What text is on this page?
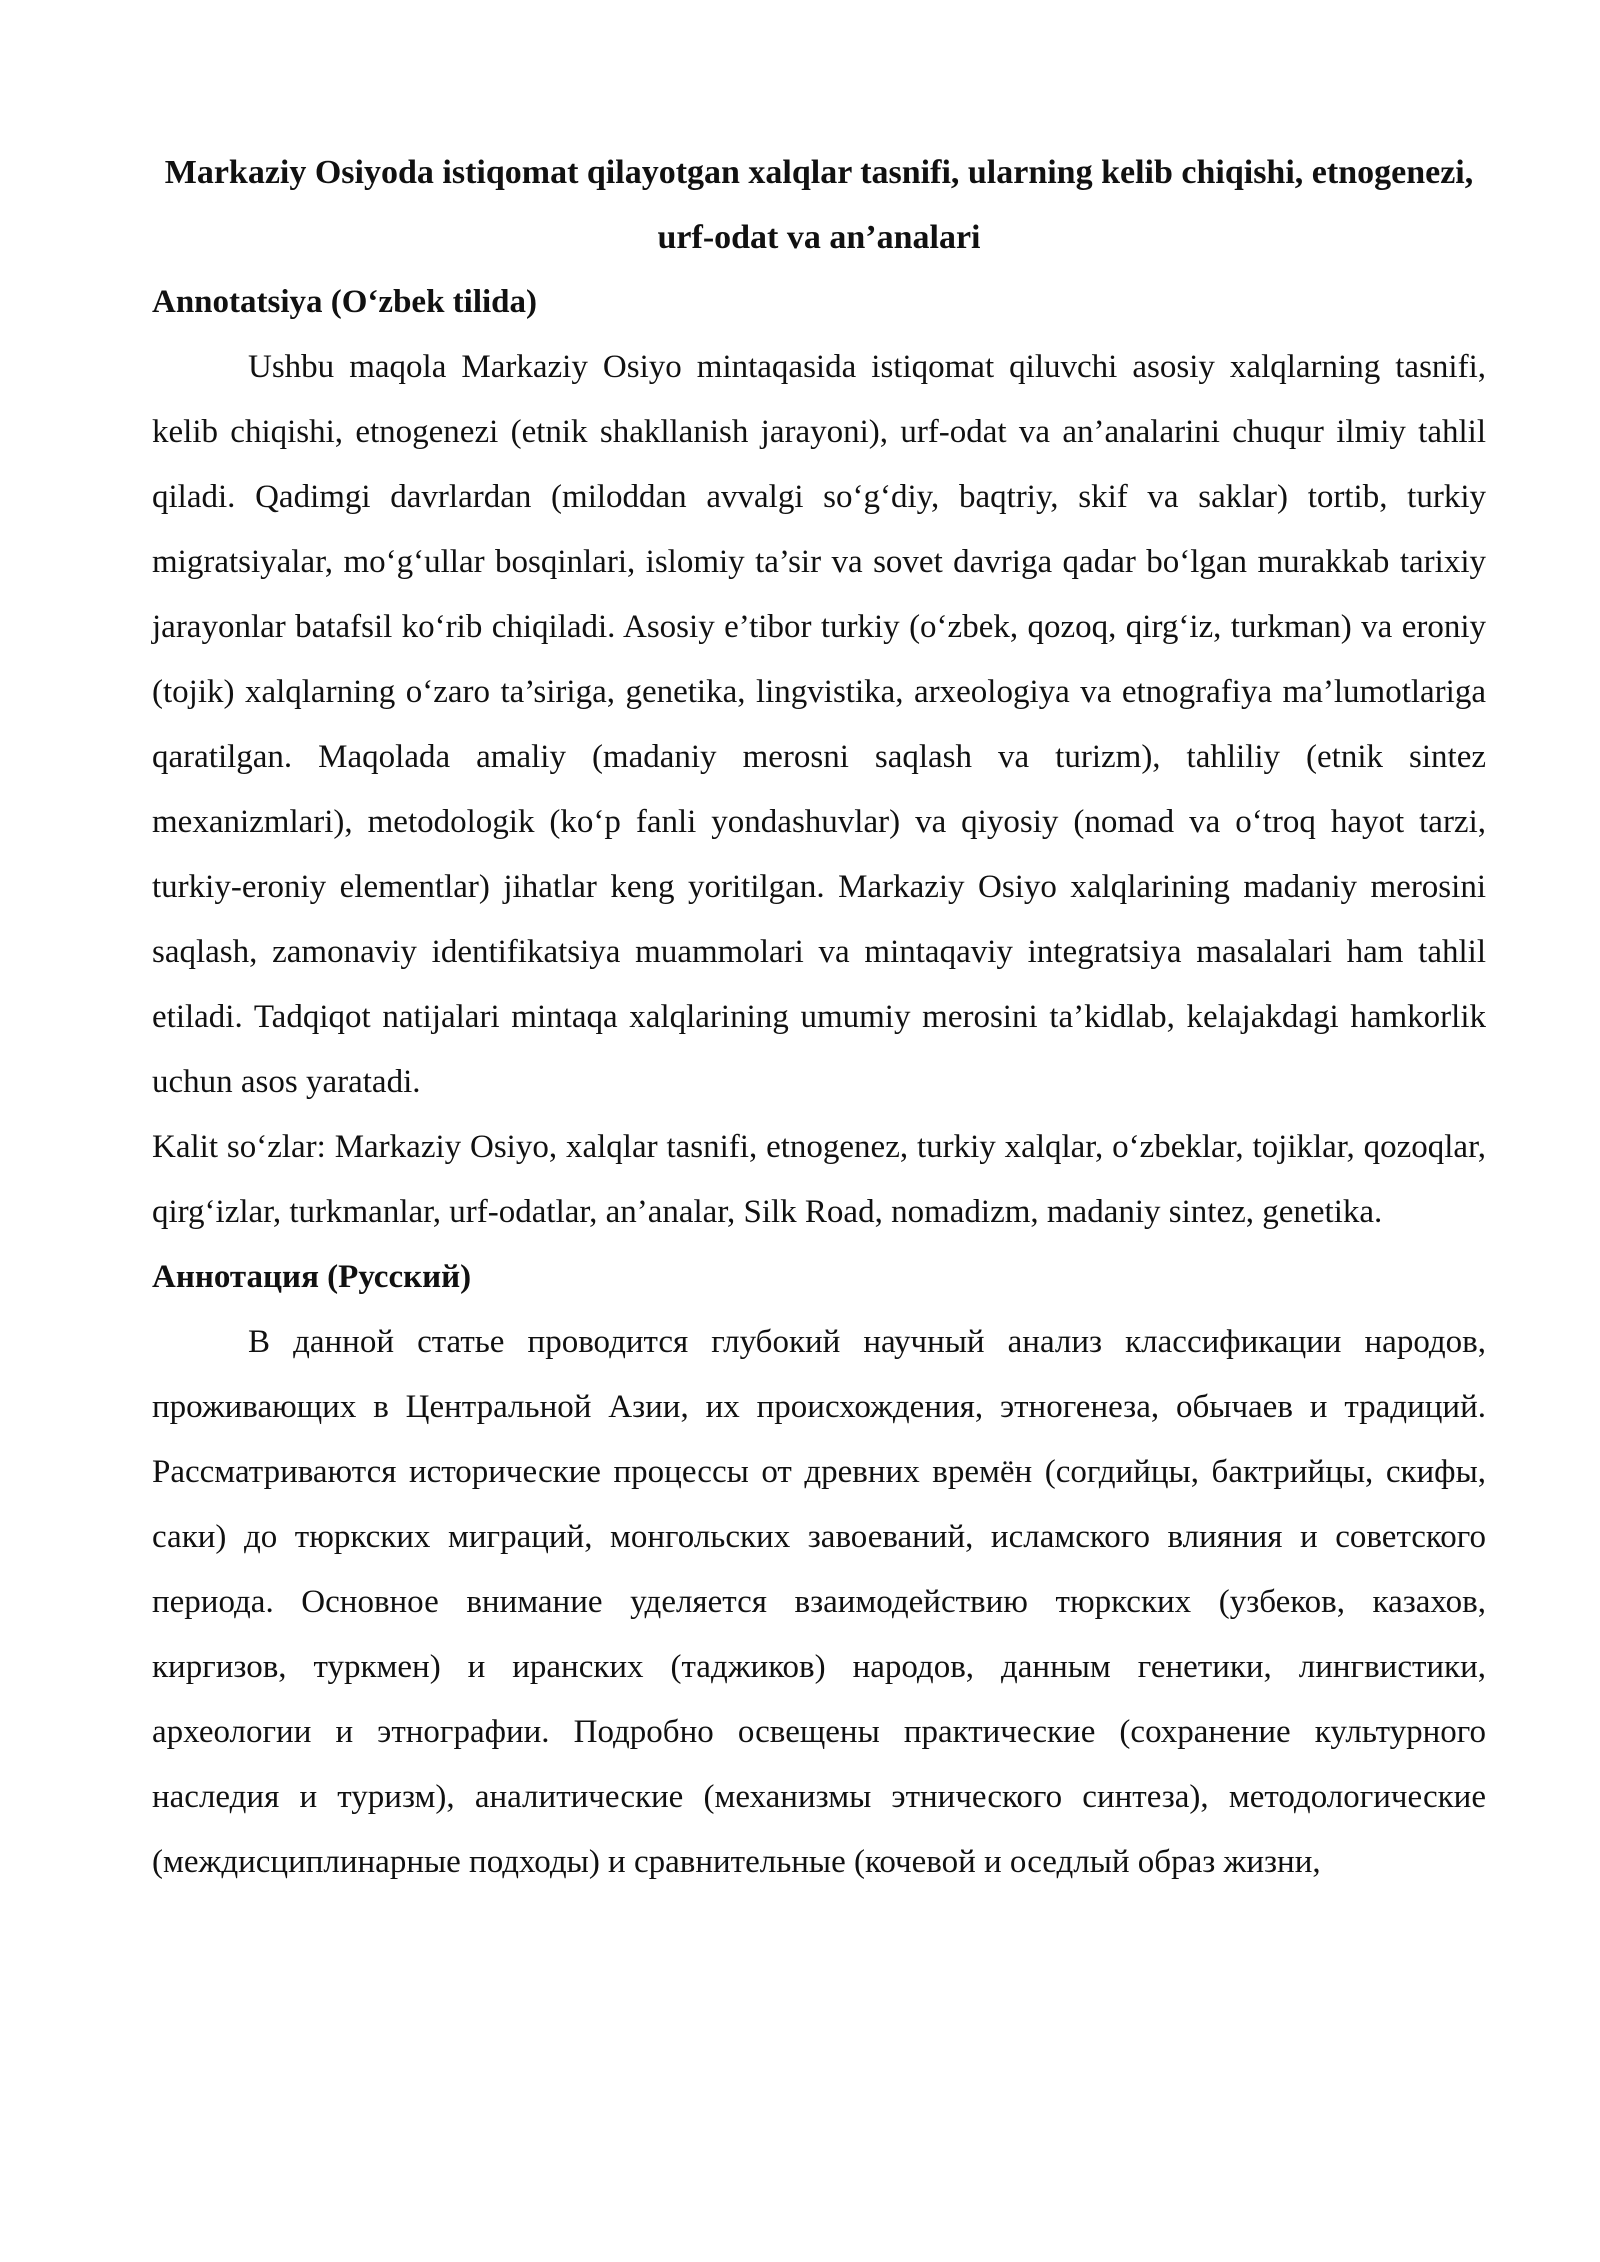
Markaziy Osiyoda istiqomat qilayotgan xalqlar tasnifi, ularning kelib chiqishi, etnogenezi, urf-odat va an’analari

Annotatsiya (O‘zbek tilida)

Ushbu maqola Markaziy Osiyo mintaqasida istiqomat qiluvchi asosiy xalqlarning tasnifi, kelib chiqishi, etnogenezi (etnik shakllanish jarayoni), urf-odat va an’analarini chuqur ilmiy tahlil qiladi. Qadimgi davrlardan (miloddan avvalgi so‘g‘diy, baqtriy, skif va saklar) tortib, turkiy migratsiyalar, mo‘g‘ullar bosqinlari, islomiy ta’sir va sovet davriga qadar bo‘lgan murakkab tarixiy jarayonlar batafsil ko‘rib chiqiladi. Asosiy e’tibor turkiy (o‘zbek, qozoq, qirg‘iz, turkman) va eroniy (tojik) xalqlarning o‘zaro ta’siriga, genetika, lingvistika, arxeologiya va etnografiya ma’lumotlariga qaratilgan. Maqolada amaliy (madaniy merosni saqlash va turizm), tahliliy (etnik sintez mexanizmlari), metodologik (ko‘p fanli yondashuvlar) va qiyosiy (nomad va o‘troq hayot tarzi, turkiy-eroniy elementlar) jihatlar keng yoritilgan. Markaziy Osiyo xalqlarining madaniy merosini saqlash, zamonaviy identifikatsiya muammolari va mintaqaviy integratsiya masalalari ham tahlil etiladi. Tadqiqot natijalari mintaqa xalqlarining umumiy merosini ta’kidlab, kelajakdagi hamkorlik uchun asos yaratadi.

Kalit so‘zlar: Markaziy Osiyo, xalqlar tasnifi, etnogenez, turkiy xalqlar, o‘zbeklar, tojiklar, qozoqlar, qirg‘izlar, turkmanlar, urf-odatlar, an’analar, Silk Road, nomadizm, madaniy sintez, genetika.

Аннотация (Русский)

В данной статье проводится глубокий научный анализ классификации народов, проживающих в Центральной Азии, их происхождения, этногенеза, обычаев и традиций. Рассматриваются исторические процессы от древних времён (согдийцы, бактрийцы, скифы, саки) до тюркских миграций, монгольских завоеваний, исламского влияния и советского периода. Основное внимание уделяется взаимодействию тюркских (узбеков, казахов, киргизов, туркмен) и иранских (таджиков) народов, данным генетики, лингвистики, археологии и этнографии. Подробно освещены практические (сохранение культурного наследия и туризм), аналитические (механизмы этнического синтеза), методологические (междисциплинарные подходы) и сравнительные (кочевой и оседлый образ жизни,
